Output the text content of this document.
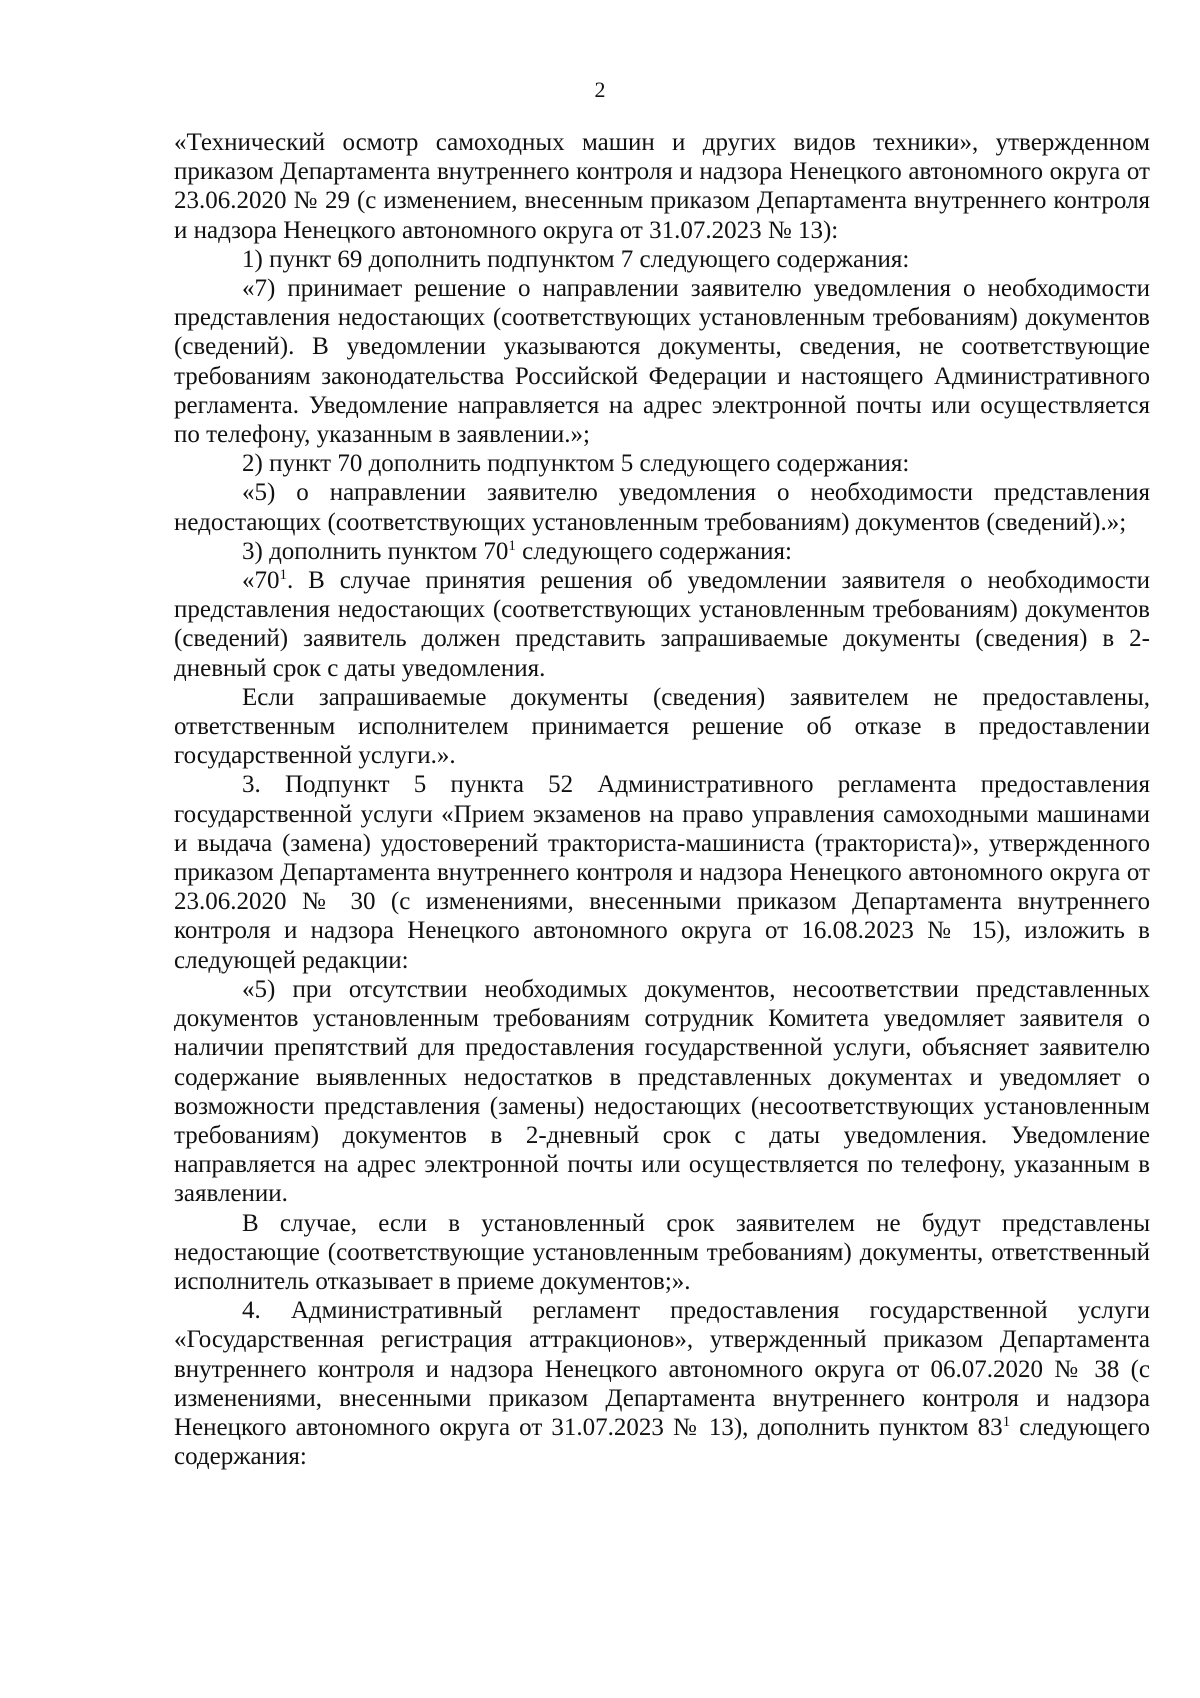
2

«Технический осмотр самоходных машин и других видов техники», утвержденном приказом Департамента внутреннего контроля и надзора Ненецкого автономного округа от 23.06.2020 № 29 (с изменением, внесенным приказом Департамента внутреннего контроля и надзора Ненецкого автономного округа от 31.07.2023 № 13):

1) пункт 69 дополнить подпунктом 7 следующего содержания:

«7) принимает решение о направлении заявителю уведомления о необходимости представления недостающих (соответствующих установленным требованиям) документов (сведений). В уведомлении указываются документы, сведения, не соответствующие требованиям законодательства Российской Федерации и настоящего Административного регламента. Уведомление направляется на адрес электронной почты или осуществляется по телефону, указанным в заявлении.»;

2) пункт 70 дополнить подпунктом 5 следующего содержания:

«5) о направлении заявителю уведомления о необходимости представления недостающих (соответствующих установленным требованиям) документов (сведений).»;

3) дополнить пунктом $70^1$ следующего содержания:

«$70^1$. В случае принятия решения об уведомлении заявителя о необходимости представления недостающих (соответствующих установленным требованиям) документов (сведений) заявитель должен представить запрашиваемые документы (сведения) в 2-дневный срок с даты уведомления.

Если запрашиваемые документы (сведения) заявителем не предоставлены, ответственным исполнителем принимается решение об отказе в предоставлении государственной услуги.».

3. Подпункт 5 пункта 52 Административного регламента предоставления государственной услуги «Прием экзаменов на право управления самоходными машинами и выдача (замена) удостоверений тракториста-машиниста (тракториста)», утвержденного приказом Департамента внутреннего контроля и надзора Ненецкого автономного округа от 23.06.2020 № 30 (с изменениями, внесенными приказом Департамента внутреннего контроля и надзора Ненецкого автономного округа от 16.08.2023 № 15), изложить в следующей редакции:

«5) при отсутствии необходимых документов, несоответствии представленных документов установленным требованиям сотрудник Комитета уведомляет заявителя о наличии препятствий для предоставления государственной услуги, объясняет заявителю содержание выявленных недостатков в представленных документах и уведомляет о возможности представления (замены) недостающих (несоответствующих установленным требованиям) документов в 2-дневный срок с даты уведомления. Уведомление направляется на адрес электронной почты или осуществляется по телефону, указанным в заявлении.

В случае, если в установленный срок заявителем не будут представлены недостающие (соответствующие установленным требованиям) документы, ответственный исполнитель отказывает в приеме документов;».

4. Административный регламент предоставления государственной услуги «Государственная регистрация аттракционов», утвержденный приказом Департамента внутреннего контроля и надзора Ненецкого автономного округа от 06.07.2020 № 38 (с изменениями, внесенными приказом Департамента внутреннего контроля и надзора Ненецкого автономного округа от 31.07.2023 № 13), дополнить пунктом $83^1$ следующего содержания:
